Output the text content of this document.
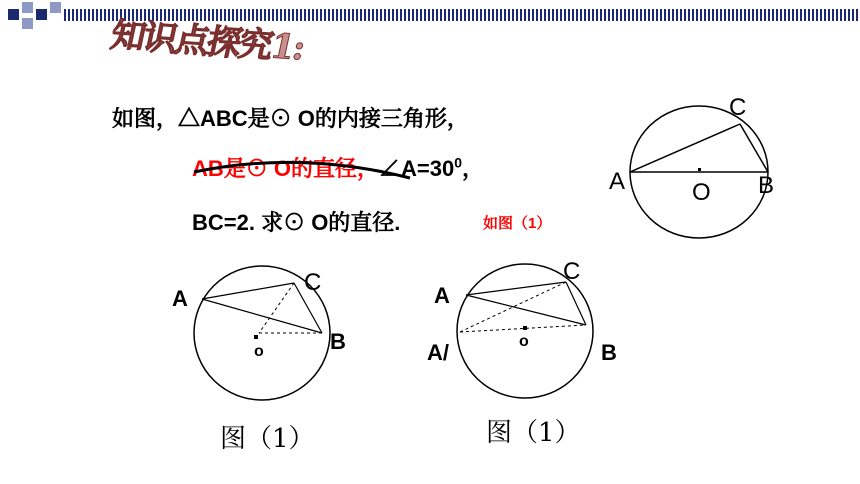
知识点探究1:
如图，△ABC是⊙ O的内接三角形，
AB是⊙ O的直径，$\angle A=30^0$，
BC=2. 求⊙ O的直径.	如图（1）
C
A	B
O
A
C
B
o
图（1）
A
C
A/	B
o
图（1）
